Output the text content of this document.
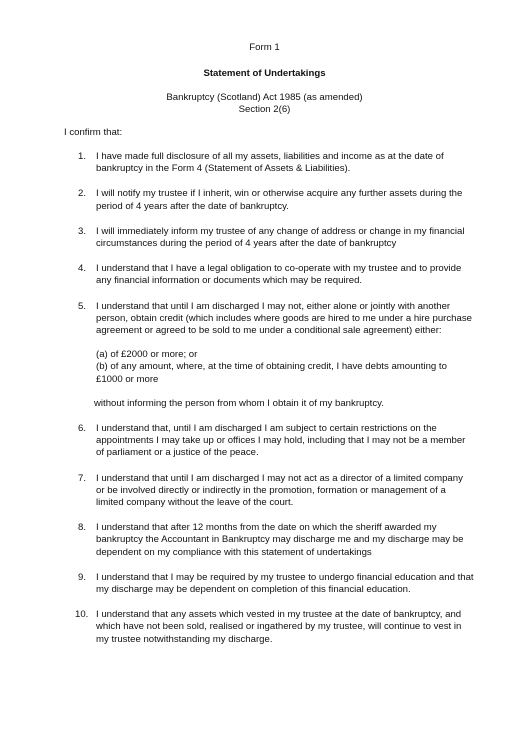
Form 1

Statement of Undertakings

Bankruptcy (Scotland) Act 1985 (as amended)

Section 2(6)

I confirm that:

1.	I have made full disclosure of all my assets, liabilities and income as at the date of bankruptcy in the Form 4 (Statement of Assets & Liabilities).

2.	I will notify my trustee if I inherit, win or otherwise acquire any further assets during the period of 4 years after the date of bankruptcy.

3.	I will immediately inform my trustee of any change of address or change in my financial circumstances during the period of 4 years after the date of bankruptcy

4.	I understand that I have a legal obligation to co-operate with my trustee and to provide any financial information or documents which may be required.

5.	I understand that until I am discharged I may not, either alone or jointly with another person, obtain credit (which includes where goods are hired to me under a hire purchase agreement or agreed to be sold to me under a conditional sale agreement) either:

(a) of £2000 or more; or

(b) of any amount, where, at the time of obtaining credit, I have debts amounting to £1000 or more

without informing the person from whom I obtain it of my bankruptcy.

6.	I understand that, until I am discharged I am subject to certain restrictions on the appointments I may take up or offices I may hold, including that I may not be a member of parliament or a justice of the peace.

7.	I understand that until I am discharged I may not act as a director of a limited company or be involved directly or indirectly in the promotion, formation or management of a limited company without the leave of the court.

8.	I understand that after 12 months from the date on which the sheriff awarded my bankruptcy the Accountant in Bankruptcy may discharge me and my discharge may be dependent on my compliance with this statement of undertakings

9.	I understand that I may be required by my trustee to undergo financial education and that my discharge may be dependent on completion of this financial education.

10. I understand that any assets which vested in my trustee at the date of bankruptcy, and which have not been sold, realised or ingathered by my trustee, will continue to vest in my trustee notwithstanding my discharge.
